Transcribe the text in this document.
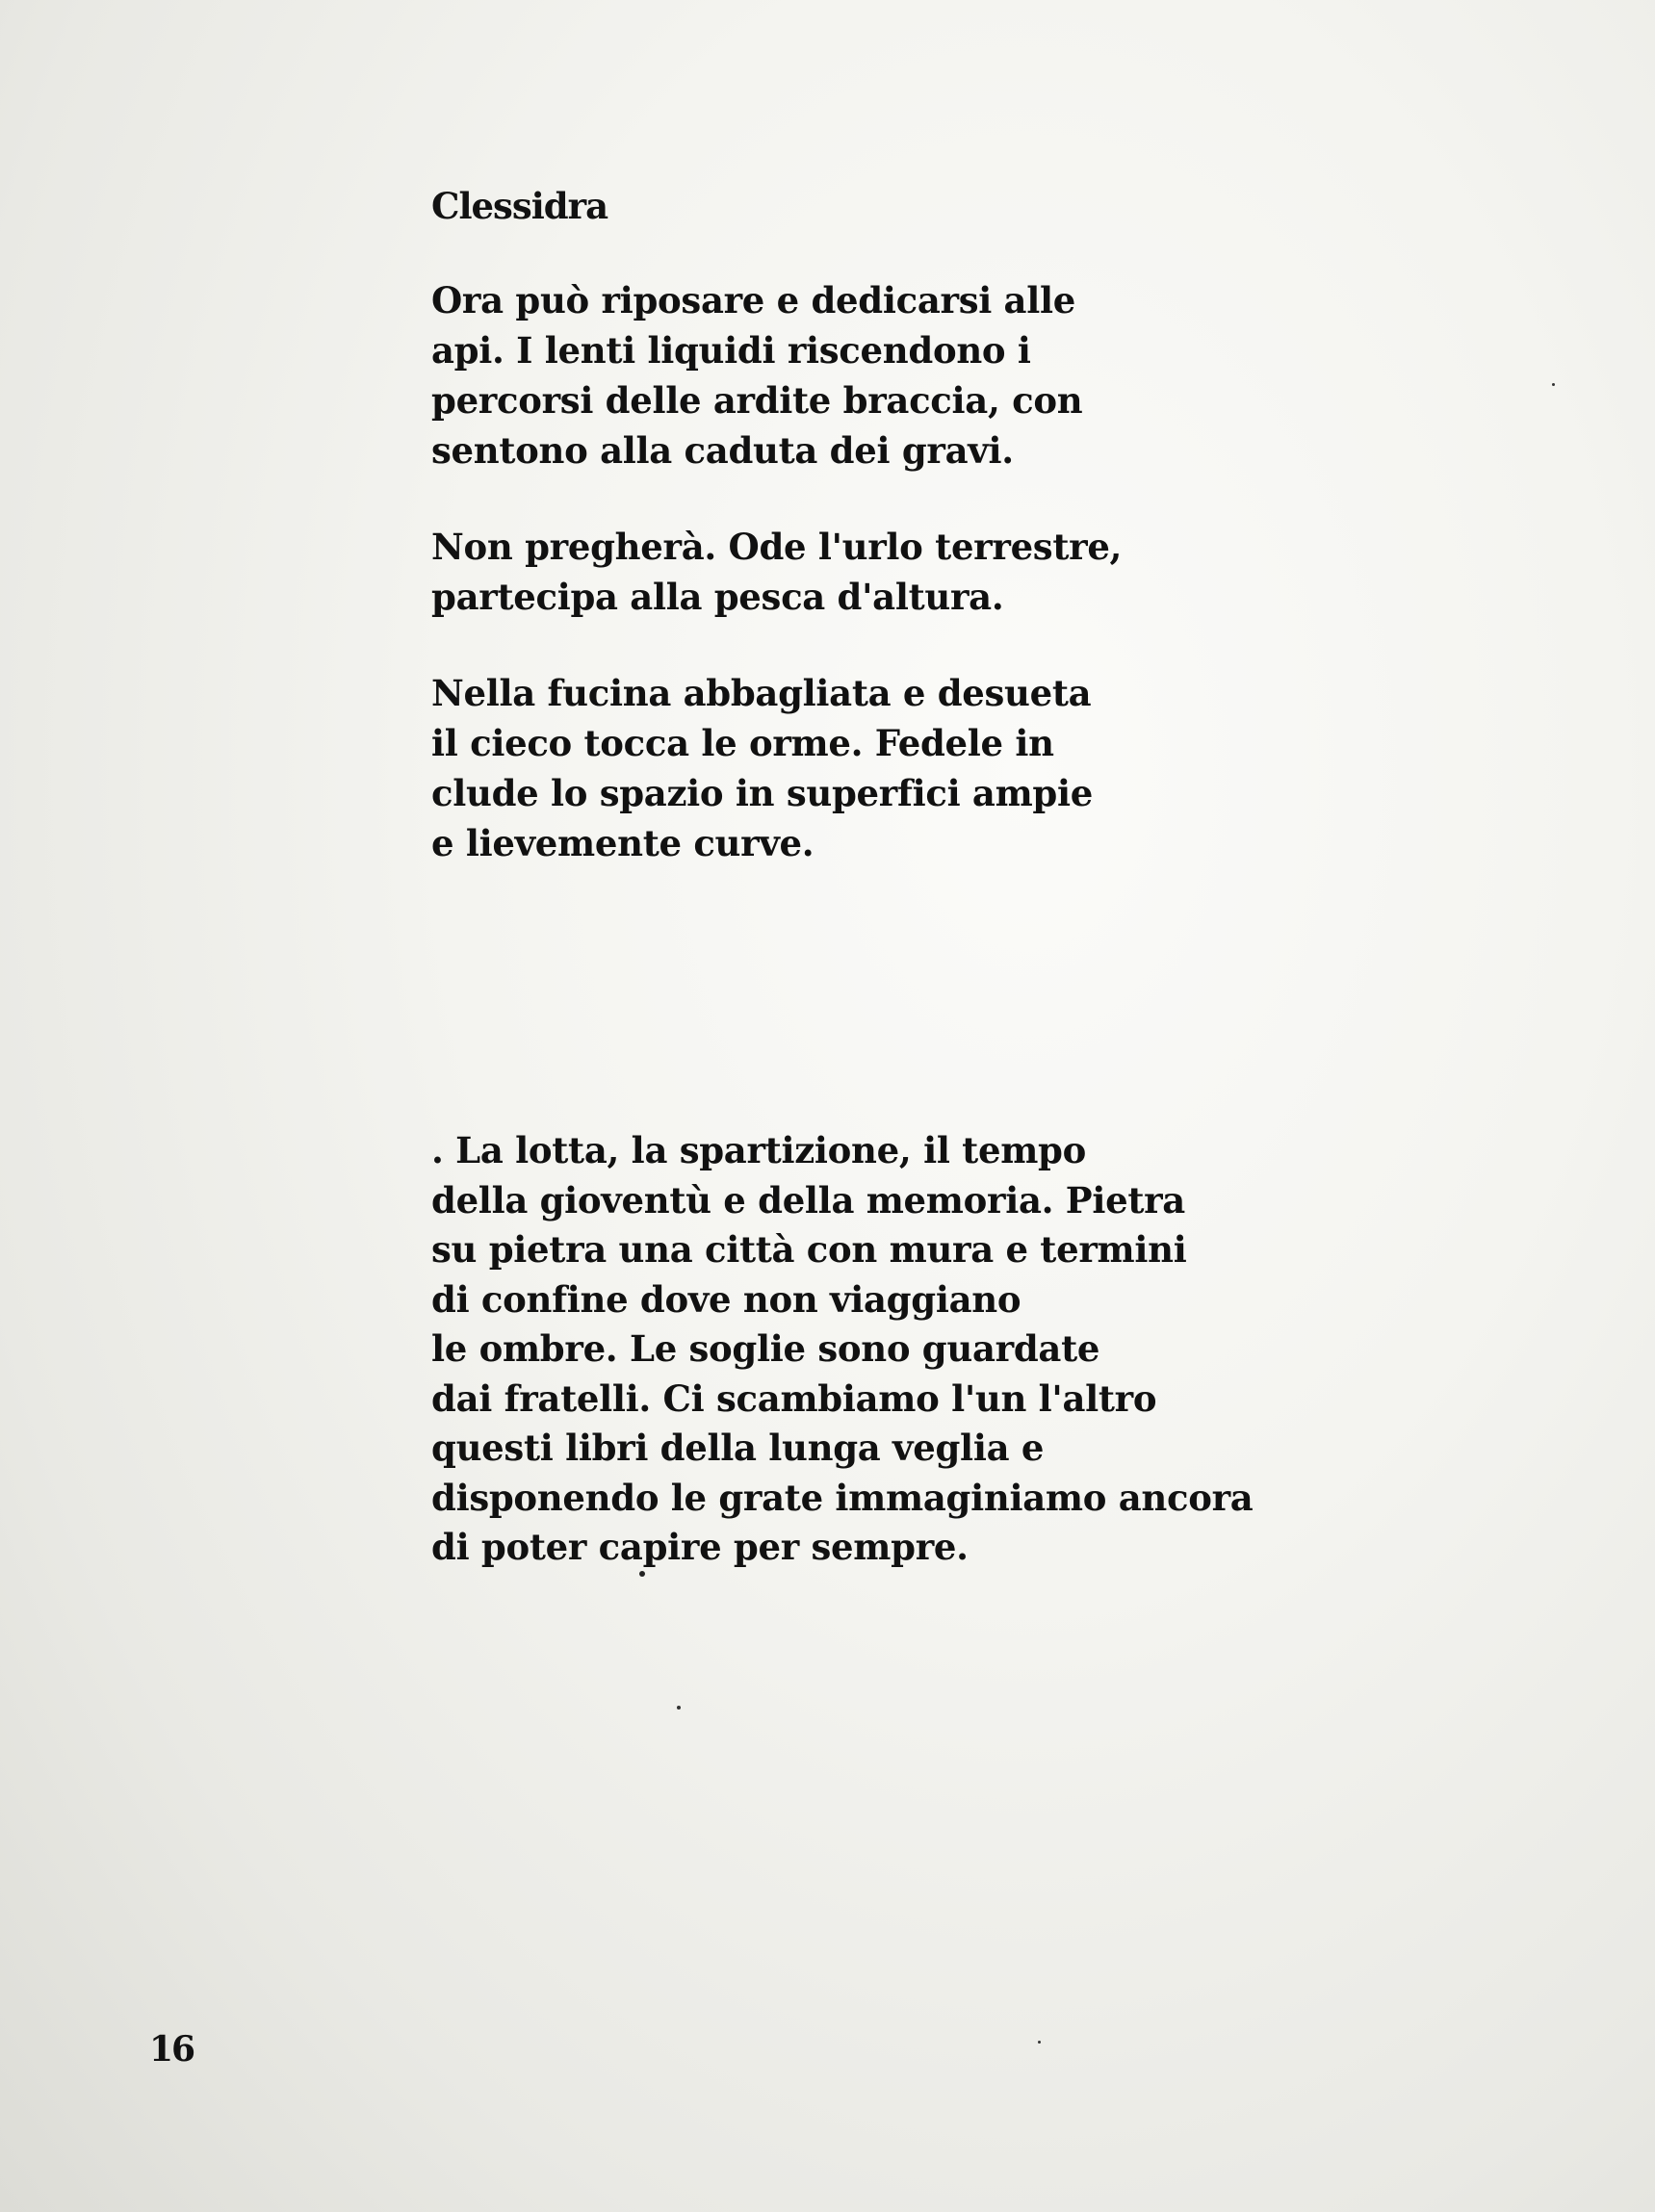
Clessidra

Ora può riposare e dedicarsi alle
api. I lenti liquidi riscendono i
percorsi delle ardite braccia, con
sentono alla caduta dei gravi.

Non pregherà. Ode l'urlo terrestre,
partecipa alla pesca d'altura.

Nella fucina abbagliata e desueta
il cieco tocca le orme. Fedele in
clude lo spazio in superfici ampie
e lievemente curve.

. La lotta, la spartizione, il tempo
della gioventù e della memoria. Pietra
su pietra una città con mura e termini
di confine dove non viaggiano
le ombre. Le soglie sono guardate
dai fratelli. Ci scambiamo l'un l'altro
questi libri della lunga veglia e
disponendo le grate immaginiamo ancora
di poter capire per sempre.

16
